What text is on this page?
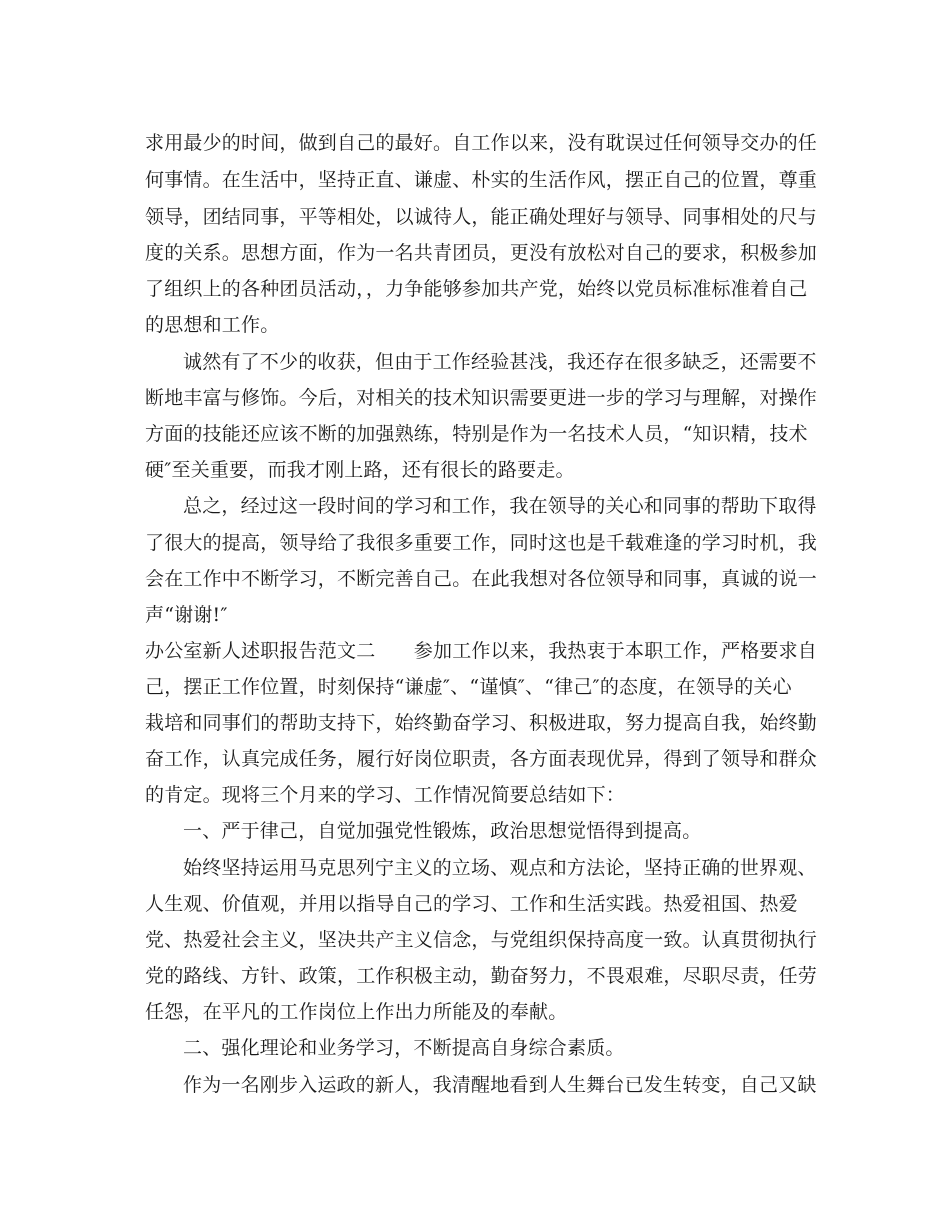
求用最少的时间，做到自己的最好。自工作以来，没有耽误过任何领导交办的任
何事情。在生活中，坚持正直、谦虚、朴实的生活作风，摆正自己的位置，尊重
领导，团结同事，平等相处，以诚待人，能正确处理好与领导、同事相处的尺与
度的关系。思想方面，作为一名共青团员，更没有放松对自己的要求，积极参加
了组织上的各种团员活动，，力争能够参加共产党，始终以党员标准标准着自己
的思想和工作。
诚然有了不少的收获，但由于工作经验甚浅，我还存在很多缺乏，还需要不
断地丰富与修饰。今后，对相关的技术知识需要更进一步的学习与理解，对操作
方面的技能还应该不断的加强熟练，特别是作为一名技术人员，“知识精，技术
硬″至关重要，而我才刚上路，还有很长的路要走。
总之，经过这一段时间的学习和工作，我在领导的关心和同事的帮助下取得
了很大的提高，领导给了我很多重要工作，同时这也是千载难逢的学习时机，我
会在工作中不断学习，不断完善自己。在此我想对各位领导和同事，真诚的说一
声“谢谢!″
办公室新人述职报告范文二　　参加工作以来，我热衷于本职工作，严格要求自
己，摆正工作位置，时刻保持“谦虚″、“谨慎″、“律己″的态度，在领导的关心
栽培和同事们的帮助支持下，始终勤奋学习、积极进取，努力提高自我，始终勤
奋工作，认真完成任务，履行好岗位职责，各方面表现优异，得到了领导和群众
的肯定。现将三个月来的学习、工作情况简要总结如下：
一、严于律己，自觉加强党性锻炼，政治思想觉悟得到提高。
始终坚持运用马克思列宁主义的立场、观点和方法论，坚持正确的世界观、
人生观、价值观，并用以指导自己的学习、工作和生活实践。热爱祖国、热爱
党、热爱社会主义，坚决共产主义信念，与党组织保持高度一致。认真贯彻执行
党的路线、方针、政策，工作积极主动，勤奋努力，不畏艰难，尽职尽责，任劳
任怨，在平凡的工作岗位上作出力所能及的奉献。
二、强化理论和业务学习，不断提高自身综合素质。
作为一名刚步入运政的新人，我清醒地看到人生舞台已发生转变，自己又缺
